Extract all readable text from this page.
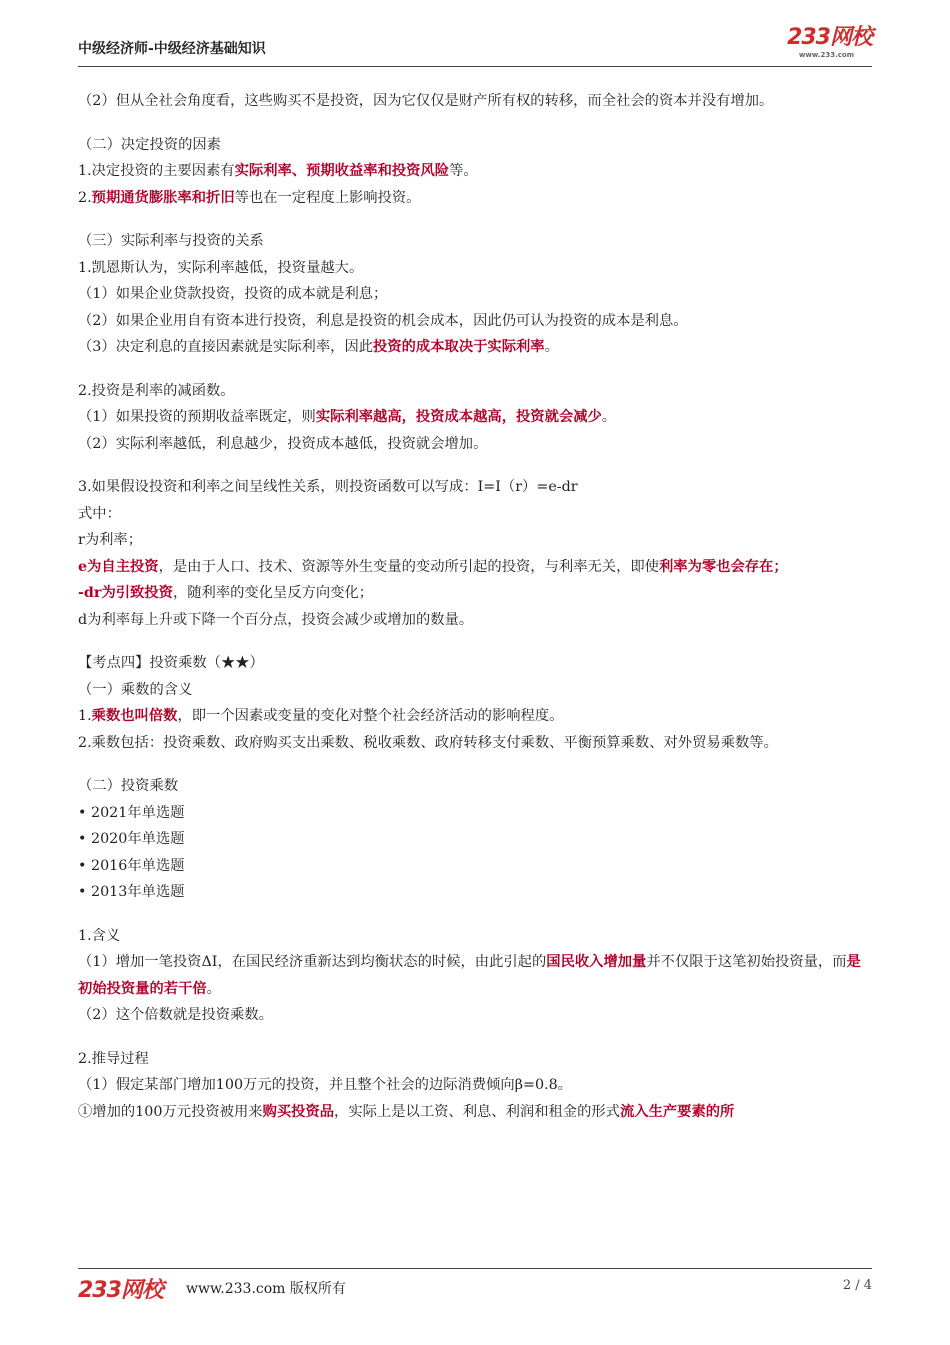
中级经济师-中级经济基础知识	233网校
www.233.com

（2）但从全社会角度看，这些购买不是投资，因为它仅仅是财产所有权的转移，而全社会的资本并没有增加。

（二）决定投资的因素

1.决定投资的主要因素有实际利率、预期收益率和投资风险等。

2.预期通货膨胀率和折旧等也在一定程度上影响投资。

（三）实际利率与投资的关系

1.凯恩斯认为，实际利率越低，投资量越大。

（1）如果企业贷款投资，投资的成本就是利息；

（2）如果企业用自有资本进行投资，利息是投资的机会成本，因此仍可认为投资的成本是利息。

（3）决定利息的直接因素就是实际利率，因此投资的成本取决于实际利率。

2.投资是利率的减函数。

（1）如果投资的预期收益率既定，则实际利率越高，投资成本越高，投资就会减少。

（2）实际利率越低，利息越少，投资成本越低，投资就会增加。

3.如果假设投资和利率之间呈线性关系，则投资函数可以写成：I=I（r）=e-dr

式中：

r为利率；

e为自主投资，是由于人口、技术、资源等外生变量的变动所引起的投资，与利率无关，即使利率为零也会存在；

-dr为引致投资，随利率的变化呈反方向变化；

d为利率每上升或下降一个百分点，投资会减少或增加的数量。

【考点四】投资乘数（★★）

（一）乘数的含义

1.乘数也叫倍数，即一个因素或变量的变化对整个社会经济活动的影响程度。

2.乘数包括：投资乘数、政府购买支出乘数、税收乘数、政府转移支付乘数、平衡预算乘数、对外贸易乘数等。

（二）投资乘数

• 2021年单选题

• 2020年单选题

• 2016年单选题

• 2013年单选题

1.含义

（1）增加一笔投资ΔI，在国民经济重新达到均衡状态的时候，由此引起的国民收入增加量并不仅限于这笔初始投资量，而是初始投资量的若干倍。

（2）这个倍数就是投资乘数。

2.推导过程

（1）假定某部门增加100万元的投资，并且整个社会的边际消费倾向β=0.8。

①增加的100万元投资被用来购买投资品，实际上是以工资、利息、利润和租金的形式流入生产要素的所

233网校 www.233.com 版权所有	2 / 4
